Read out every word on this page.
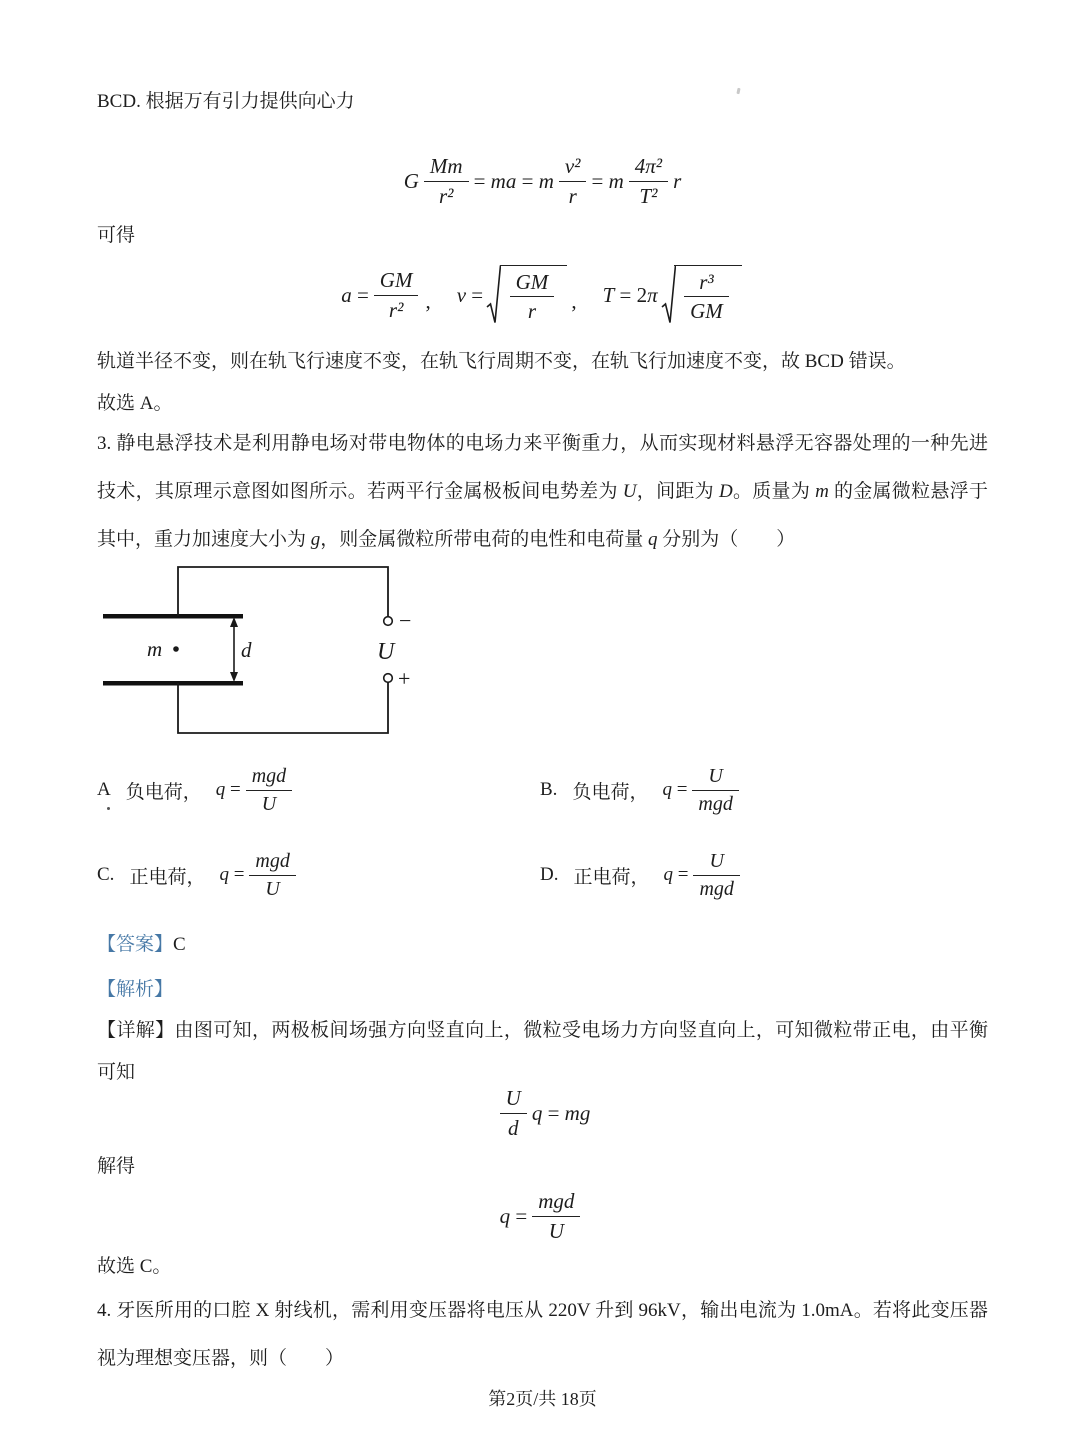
BCD. 根据万有引力提供向心力
G $\frac{Mm}{\text{r²}}$ = ma = m $\frac{\text{v²}}{r} = m \frac{\text{4π²}}{\text{T²}}$ r
可得
$a = \frac{GM}{\text{r²}}$ , $v = \frac{GM}{r}$ , $T = 2\pi \frac{\text{r³}}{GM}$
轨道半径不变，则在轨飞行速度不变，在轨飞行周期不变，在轨飞行加速度不变，故 BCD 错误。
故选 A。
3. 静电悬浮技术是利用静电场对带电物体的电场力来平衡重力，从而实现材料悬浮无容器处理的一种先进
技术，其原理示意图如图所示。若两平行金属极板间电势差为 U，间距为 D。质量为 m 的金属微粒悬浮于
其中，重力加速度大小为 g，则金属微粒所带电荷的电性和电荷量 q 分别为（　　）
−
+
U
d
m
A 负电荷， $q = \frac{\text{mgd}}{U}$	B. 负电荷， $q = \frac{U}{\text{mgd}}$
C. 正电荷， $q = \frac{\text{mgd}}{U}$	D. 正电荷， $q = \frac{U}{\text{mgd}}$
【答案】C
【解析】
【详解】由图可知，两极板间场强方向竖直向上，微粒受电场力方向竖直向上，可知微粒带正电，由平衡
可知
$\frac{U}{d}$ q = mg
解得
$q = \frac{\text{mgd}}{U}$
故选 C。
4. 牙医所用的口腔 X 射线机，需利用变压器将电压从 220V 升到 96kV，输出电流为 1.0mA。若将此变压器
视为理想变压器，则（　　）
第2页/共 18页
